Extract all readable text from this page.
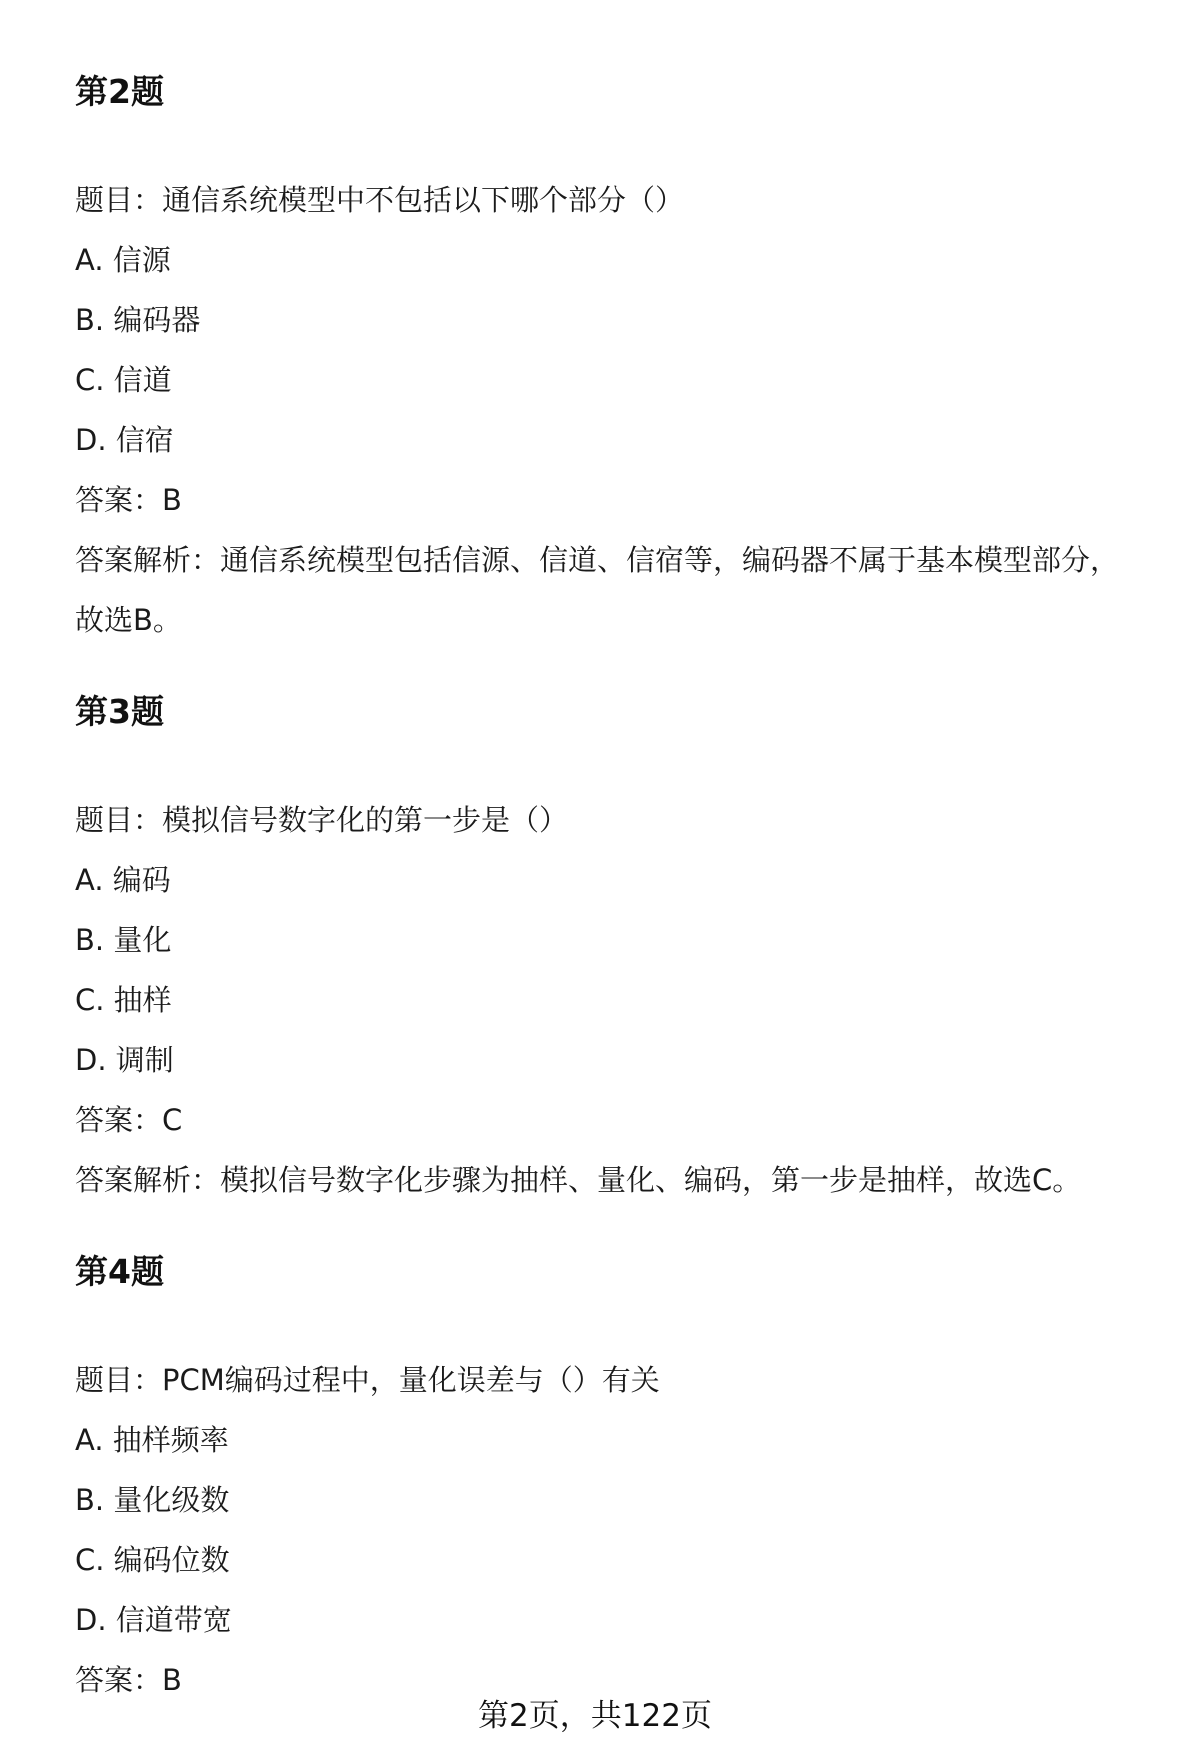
第2题

题目：通信系统模型中不包括以下哪个部分（）

A. 信源

B. 编码器

C. 信道

D. 信宿

答案：B

答案解析：通信系统模型包括信源、信道、信宿等，编码器不属于基本模型部分，

故选B。

第3题

题目：模拟信号数字化的第一步是（）

A. 编码

B. 量化

C. 抽样

D. 调制

答案：C

答案解析：模拟信号数字化步骤为抽样、量化、编码，第一步是抽样，故选C。

第4题

题目：PCM编码过程中，量化误差与（）有关

A. 抽样频率

B. 量化级数

C. 编码位数

D. 信道带宽

答案：B

第2页，共122页
